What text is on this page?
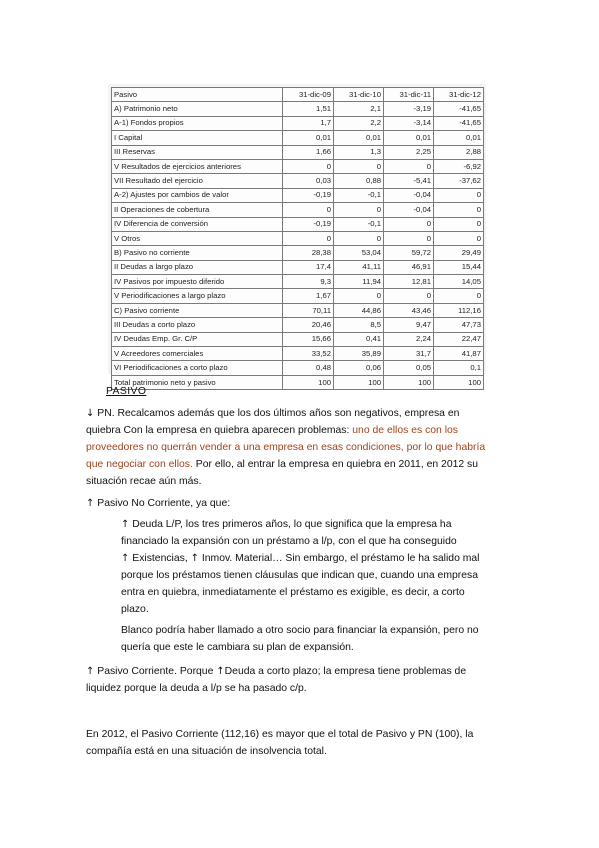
Pasivo	31-dic-09	31-dic-10	31-dic-11	31-dic-12
A) Patrimonio neto	1,51	2,1	-3,19	-41,65
A-1) Fondos propios	1,7	2,2	-3,14	-41,65
I Capital	0,01	0,01	0,01	0,01
III Reservas	1,66	1,3	2,25	2,88
V Resultados de ejercicios anteriores	0	0	0	-6,92
VII Resultado del ejercicio	0,03	0,88	-5,41	-37,62
A-2) Ajustes por cambios de valor	-0,19	-0,1	-0,04	0
II Operaciones de cobertura	0	0	-0,04	0
IV Diferencia de conversión	-0,19	-0,1	0	0
V Otros	0	0	0	0
B) Pasivo no corriente	28,38	53,04	59,72	29,49
II Deudas a largo plazo	17,4	41,11	46,91	15,44
IV Pasivos por impuesto diferido	9,3	11,94	12,81	14,05
V Periodificaciones a largo plazo	1,67	0	0	0
C) Pasivo corriente	70,11	44,86	43,46	112,16
III Deudas a corto plazo	20,46	8,5	9,47	47,73
IV Deudas Emp. Gr. C/P	15,66	0,41	2,24	22,47
V Acreedores comerciales	33,52	35,89	31,7	41,87
VI Periodificaciones a corto plazo	0,48	0,06	0,05	0,1
Total patrimonio neto y pasivo	100	100	100	100
PASIVO
↓ PN. Recalcamos además que los dos últimos años son negativos, empresa en
quiebra Con la empresa en quiebra aparecen problemas: uno de ellos es con los
proveedores no querrán vender a una empresa en esas condiciones, por lo que habría
que negociar con ellos. Por ello, al entrar la empresa en quiebra en 2011, en 2012 su
situación recae aún más.
↑ Pasivo No Corriente, ya que:
↑ Deuda L/P, los tres primeros años, lo que significa que la empresa ha
financiado la expansión con un préstamo a l/p, con el que ha conseguido
↑ Existencias, ↑ Inmov. Material… Sin embargo, el préstamo le ha salido mal
porque los préstamos tienen cláusulas que indican que, cuando una empresa
entra en quiebra, inmediatamente el préstamo es exigible, es decir, a corto
plazo.
Blanco podría haber llamado a otro socio para financiar la expansión, pero no
quería que este le cambiara su plan de expansión.
↑ Pasivo Corriente. Porque ↑Deuda a corto plazo; la empresa tiene problemas de
liquidez porque la deuda a l/p se ha pasado c/p.
En 2012, el Pasivo Corriente (112,16) es mayor que el total de Pasivo y PN (100), la
compañía está en una situación de insolvencia total.
